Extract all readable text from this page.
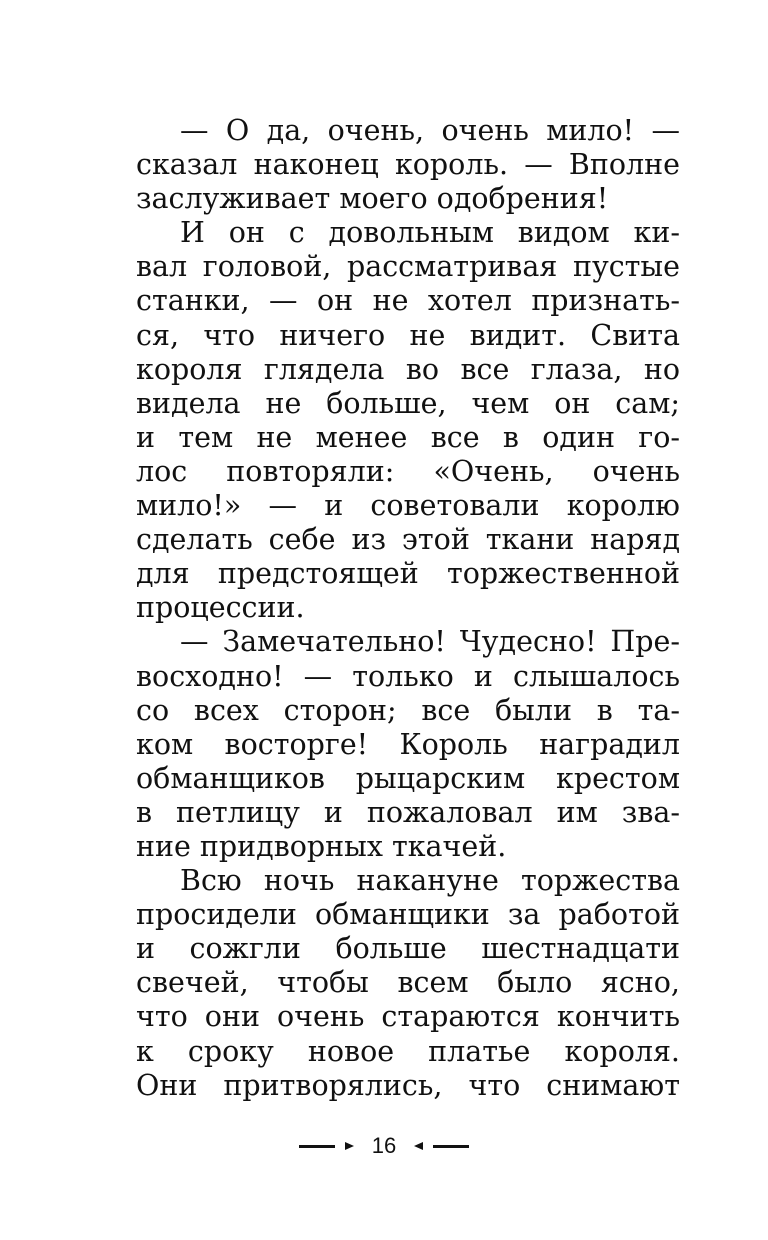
— О да, очень, очень мило! —
сказал наконец король. — Вполне
заслуживает моего одобрения!
И он с довольным видом ки-
вал головой, рассматривая пустые
станки, — он не хотел признать-
ся, что ничего не видит. Свита
короля глядела во все глаза, но
видела не больше, чем он сам;
и тем не менее все в один го-
лос повторяли: «Очень, очень
мило!» — и советовали королю
сделать себе из этой ткани наряд
для предстоящей торжественной
процессии.
— Замечательно! Чудесно! Пре-
восходно! — только и слышалось
со всех сторон; все были в та-
ком восторге! Король наградил
обманщиков рыцарским крестом
в петлицу и пожаловал им зва-
ние придворных ткачей.
Всю ночь накануне торжества
просидели обманщики за работой
и сожгли больше шестнадцати
свечей, чтобы всем было ясно,
что они очень стараются кончить
к сроку новое платье короля.
Они притворялись, что снимают
16
